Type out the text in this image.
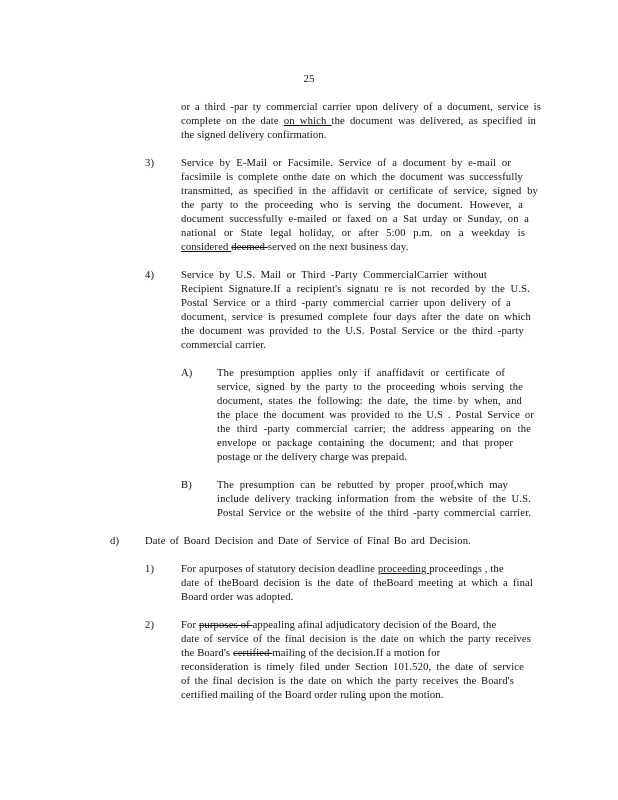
25
or a third -par ty commercial carrier upon delivery of a document, service is
complete on the date on which the document was delivered, as specified in
the signed delivery confirmation.
3)	Service by E-Mail or Facsimile. Service of a document by e-mail or
facsimile is complete onthe date on which the document was successfully
transmitted, as specified in the affidavit or certificate of service, signed by
the party to the proceeding who is serving the document. However, a
document successfully e-mailed or faxed on a Sat urday or Sunday, on a
national or State legal holiday, or after 5:00 p.m. on a weekday is
considered deemed served on the next business day.
4)	Service by U.S. Mail or Third -Party CommercialCarrier without
Recipient Signature.If a recipient's signatu re is not recorded by the U.S.
Postal Service or a third -party commercial carrier upon delivery of a
document, service is presumed complete four days after the date on which
the document was provided to the U.S. Postal Service or the third -party
commercial carrier.
A) The presumption applies only if anaffidavit or certificate of
service, signed by the party to the proceeding whois serving the
document, states the following: the date, the time by when, and
the place the document was provided to the U.S . Postal Service or
the third -party commercial carrier; the address appearing on the
envelope or package containing the document; and that proper
postage or the delivery charge was prepaid.
B) The presumption can be rebutted by proper proof,which may
include delivery tracking information from the website of the U.S.
Postal Service or the website of the third -party commercial carrier.
d) Date of Board Decision and Date of Service of Final Bo ard Decision.
1)	For apurposes of statutory decision deadline proceeding proceedings , the
date of theBoard decision is the date of theBoard meeting at which a final
Board order was adopted.
2)	For purposes of appealing afinal adjudicatory decision of the Board, the
date of service of the final decision is the date on which the party receives
the Board's certified mailing of the decision.If a motion for
reconsideration is timely filed under Section 101.520, the date of service
of the final decision is the date on which the party receives the Board's
certified mailing of the Board order ruling upon the motion.
